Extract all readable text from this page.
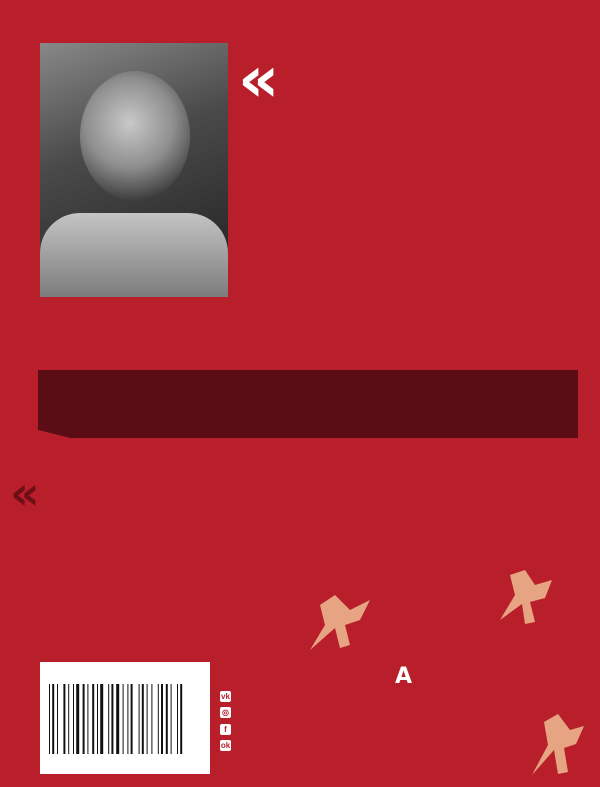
«
«
A
vk
◎
f
ok
